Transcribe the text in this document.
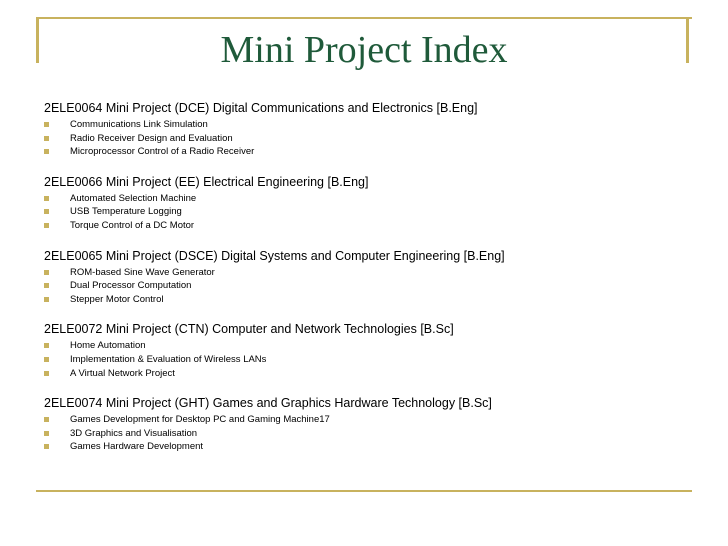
Mini Project Index
2ELE0064 Mini Project (DCE) Digital Communications and Electronics [B.Eng]
Communications Link Simulation
Radio Receiver Design and Evaluation
Microprocessor Control of a Radio Receiver
2ELE0066 Mini Project (EE) Electrical Engineering [B.Eng]
Automated Selection Machine
USB Temperature Logging
Torque Control of a DC Motor
2ELE0065 Mini Project (DSCE) Digital Systems and Computer Engineering [B.Eng]
ROM-based Sine Wave Generator
Dual Processor Computation
Stepper Motor Control
2ELE0072 Mini Project (CTN) Computer and Network Technologies [B.Sc]
Home Automation
Implementation & Evaluation of Wireless LANs
A Virtual Network Project
2ELE0074 Mini Project (GHT) Games and Graphics Hardware Technology [B.Sc]
Games Development for Desktop PC and Gaming Machine17
3D Graphics and Visualisation
Games Hardware Development
